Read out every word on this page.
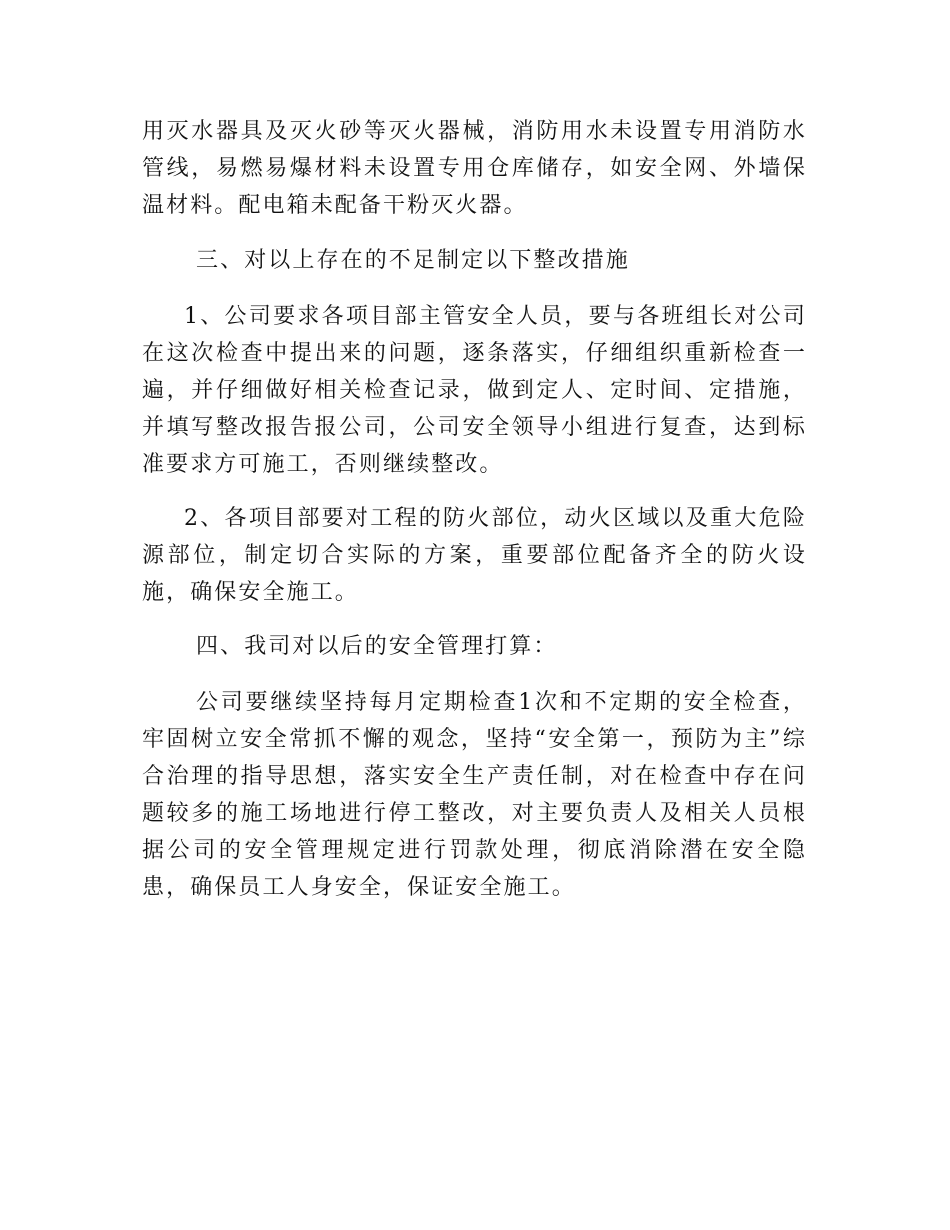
用灭水器具及灭火砂等灭火器械，消防用水未设置专用消防水管线，易燃易爆材料未设置专用仓库储存，如安全网、外墙保温材料。配电箱未配备干粉灭火器。

三、对以上存在的不足制定以下整改措施

1、公司要求各项目部主管安全人员，要与各班组长对公司在这次检查中提出来的问题，逐条落实，仔细组织重新检查一遍，并仔细做好相关检查记录，做到定人、定时间、定措施，并填写整改报告报公司，公司安全领导小组进行复查，达到标准要求方可施工，否则继续整改。

2、各项目部要对工程的防火部位，动火区域以及重大危险源部位，制定切合实际的方案，重要部位配备齐全的防火设施，确保安全施工。

四、我司对以后的安全管理打算：

公司要继续坚持每月定期检查1次和不定期的安全检查，牢固树立安全常抓不懈的观念，坚持“安全第一，预防为主”综合治理的指导思想，落实安全生产责任制，对在检查中存在问题较多的施工场地进行停工整改，对主要负责人及相关人员根据公司的安全管理规定进行罚款处理，彻底消除潜在安全隐患，确保员工人身安全，保证安全施工。
